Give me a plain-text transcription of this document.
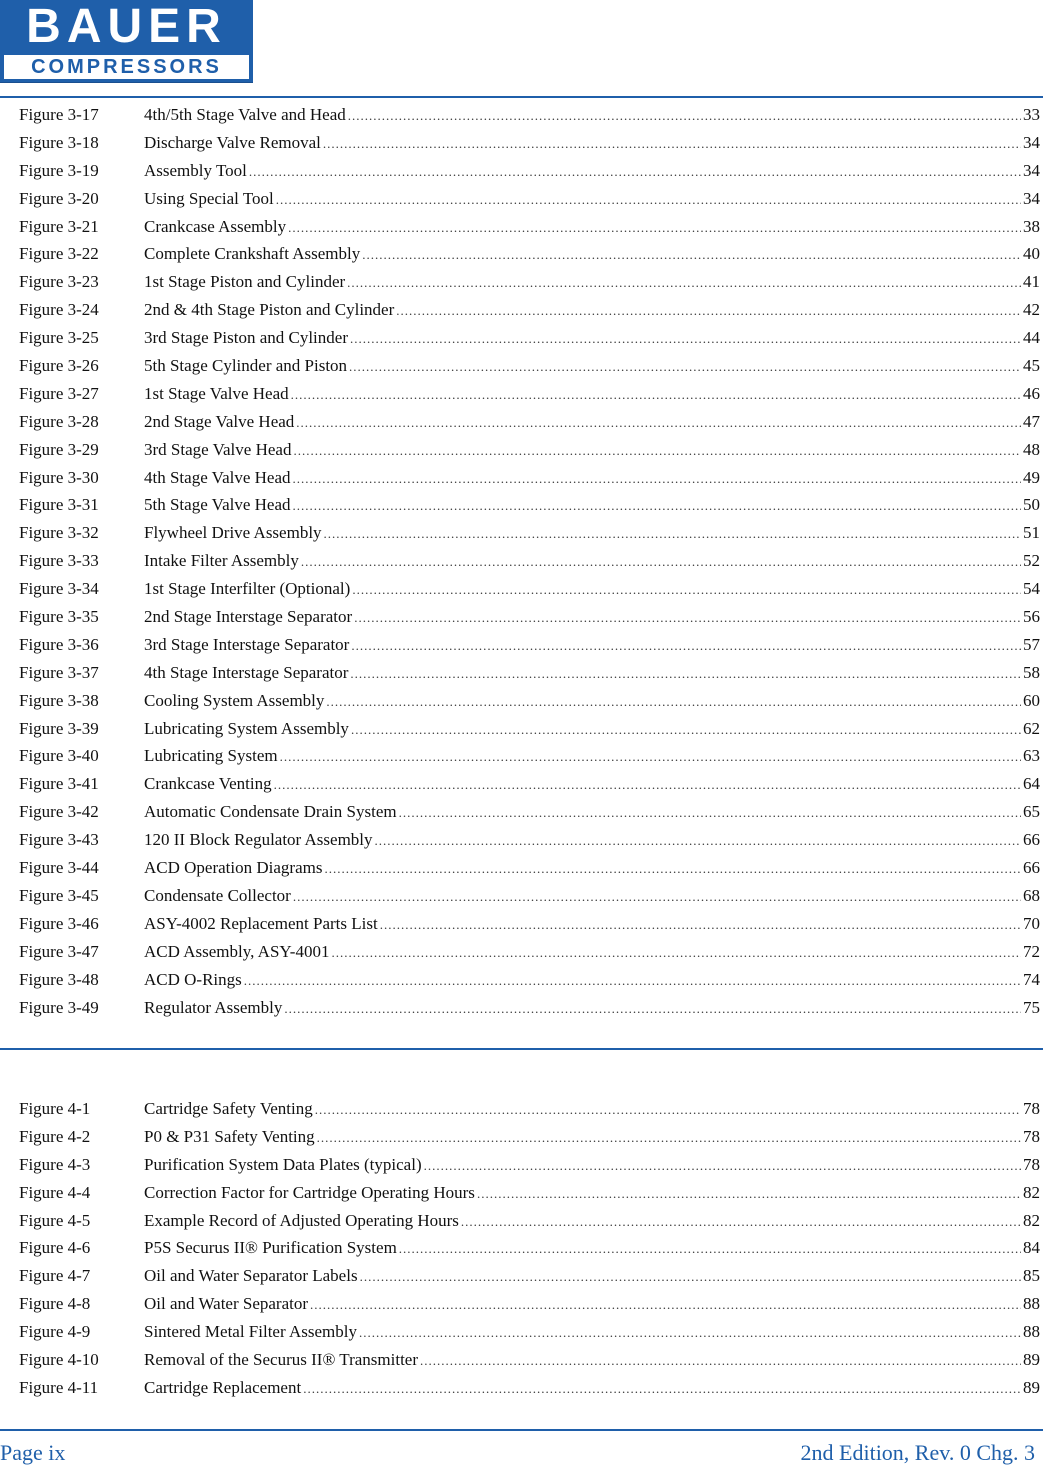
BAUER
COMPRESSORS
Figure 3-17	4th/5th Stage Valve and Head .....	33
Figure 3-18	Discharge Valve Removal .....	34
Figure 3-19	Assembly Tool .....	34
Figure 3-20	Using Special Tool .....	34
Figure 3-21	Crankcase Assembly .....	38
Figure 3-22	Complete Crankshaft Assembly .....	40
Figure 3-23	1st Stage Piston and Cylinder .....	41
Figure 3-24	2nd & 4th Stage Piston and Cylinder .....	42
Figure 3-25	3rd Stage Piston and Cylinder .....	44
Figure 3-26	5th Stage Cylinder and Piston .....	45
Figure 3-27	1st Stage Valve Head .....	46
Figure 3-28	2nd Stage Valve Head .....	47
Figure 3-29	3rd Stage Valve Head .....	48
Figure 3-30	4th Stage Valve Head .....	49
Figure 3-31	5th Stage Valve Head .....	50
Figure 3-32	Flywheel Drive Assembly .....	51
Figure 3-33	Intake Filter Assembly .....	52
Figure 3-34	1st Stage Interfilter (Optional) .....	54
Figure 3-35	2nd Stage Interstage Separator .....	56
Figure 3-36	3rd Stage Interstage Separator .....	57
Figure 3-37	4th Stage Interstage Separator .....	58
Figure 3-38	Cooling System Assembly .....	60
Figure 3-39	Lubricating System Assembly .....	62
Figure 3-40	Lubricating System .....	63
Figure 3-41	Crankcase Venting .....	64
Figure 3-42	Automatic Condensate Drain System .....	65
Figure 3-43	120 II Block Regulator Assembly .....	66
Figure 3-44	ACD Operation Diagrams .....	66
Figure 3-45	Condensate Collector .....	68
Figure 3-46	ASY-4002 Replacement Parts List .....	70
Figure 3-47	ACD Assembly, ASY-4001 .....	72
Figure 3-48	ACD O-Rings .....	74
Figure 3-49	Regulator Assembly .....	75
Figure 4-1	Cartridge Safety Venting .....	78
Figure 4-2	P0 & P31 Safety Venting .....	78
Figure 4-3	Purification System Data Plates (typical) .....	78
Figure 4-4	Correction Factor for Cartridge Operating Hours .....	82
Figure 4-5	Example Record of Adjusted Operating Hours .....	82
Figure 4-6	P5S Securus II® Purification System .....	84
Figure 4-7	Oil and Water Separator Labels .....	85
Figure 4-8	Oil and Water Separator .....	88
Figure 4-9	Sintered Metal Filter Assembly .....	88
Figure 4-10	Removal of the Securus II® Transmitter .....	89
Figure 4-11	Cartridge Replacement .....	89
Page ix	2nd Edition, Rev. 0 Chg. 3
